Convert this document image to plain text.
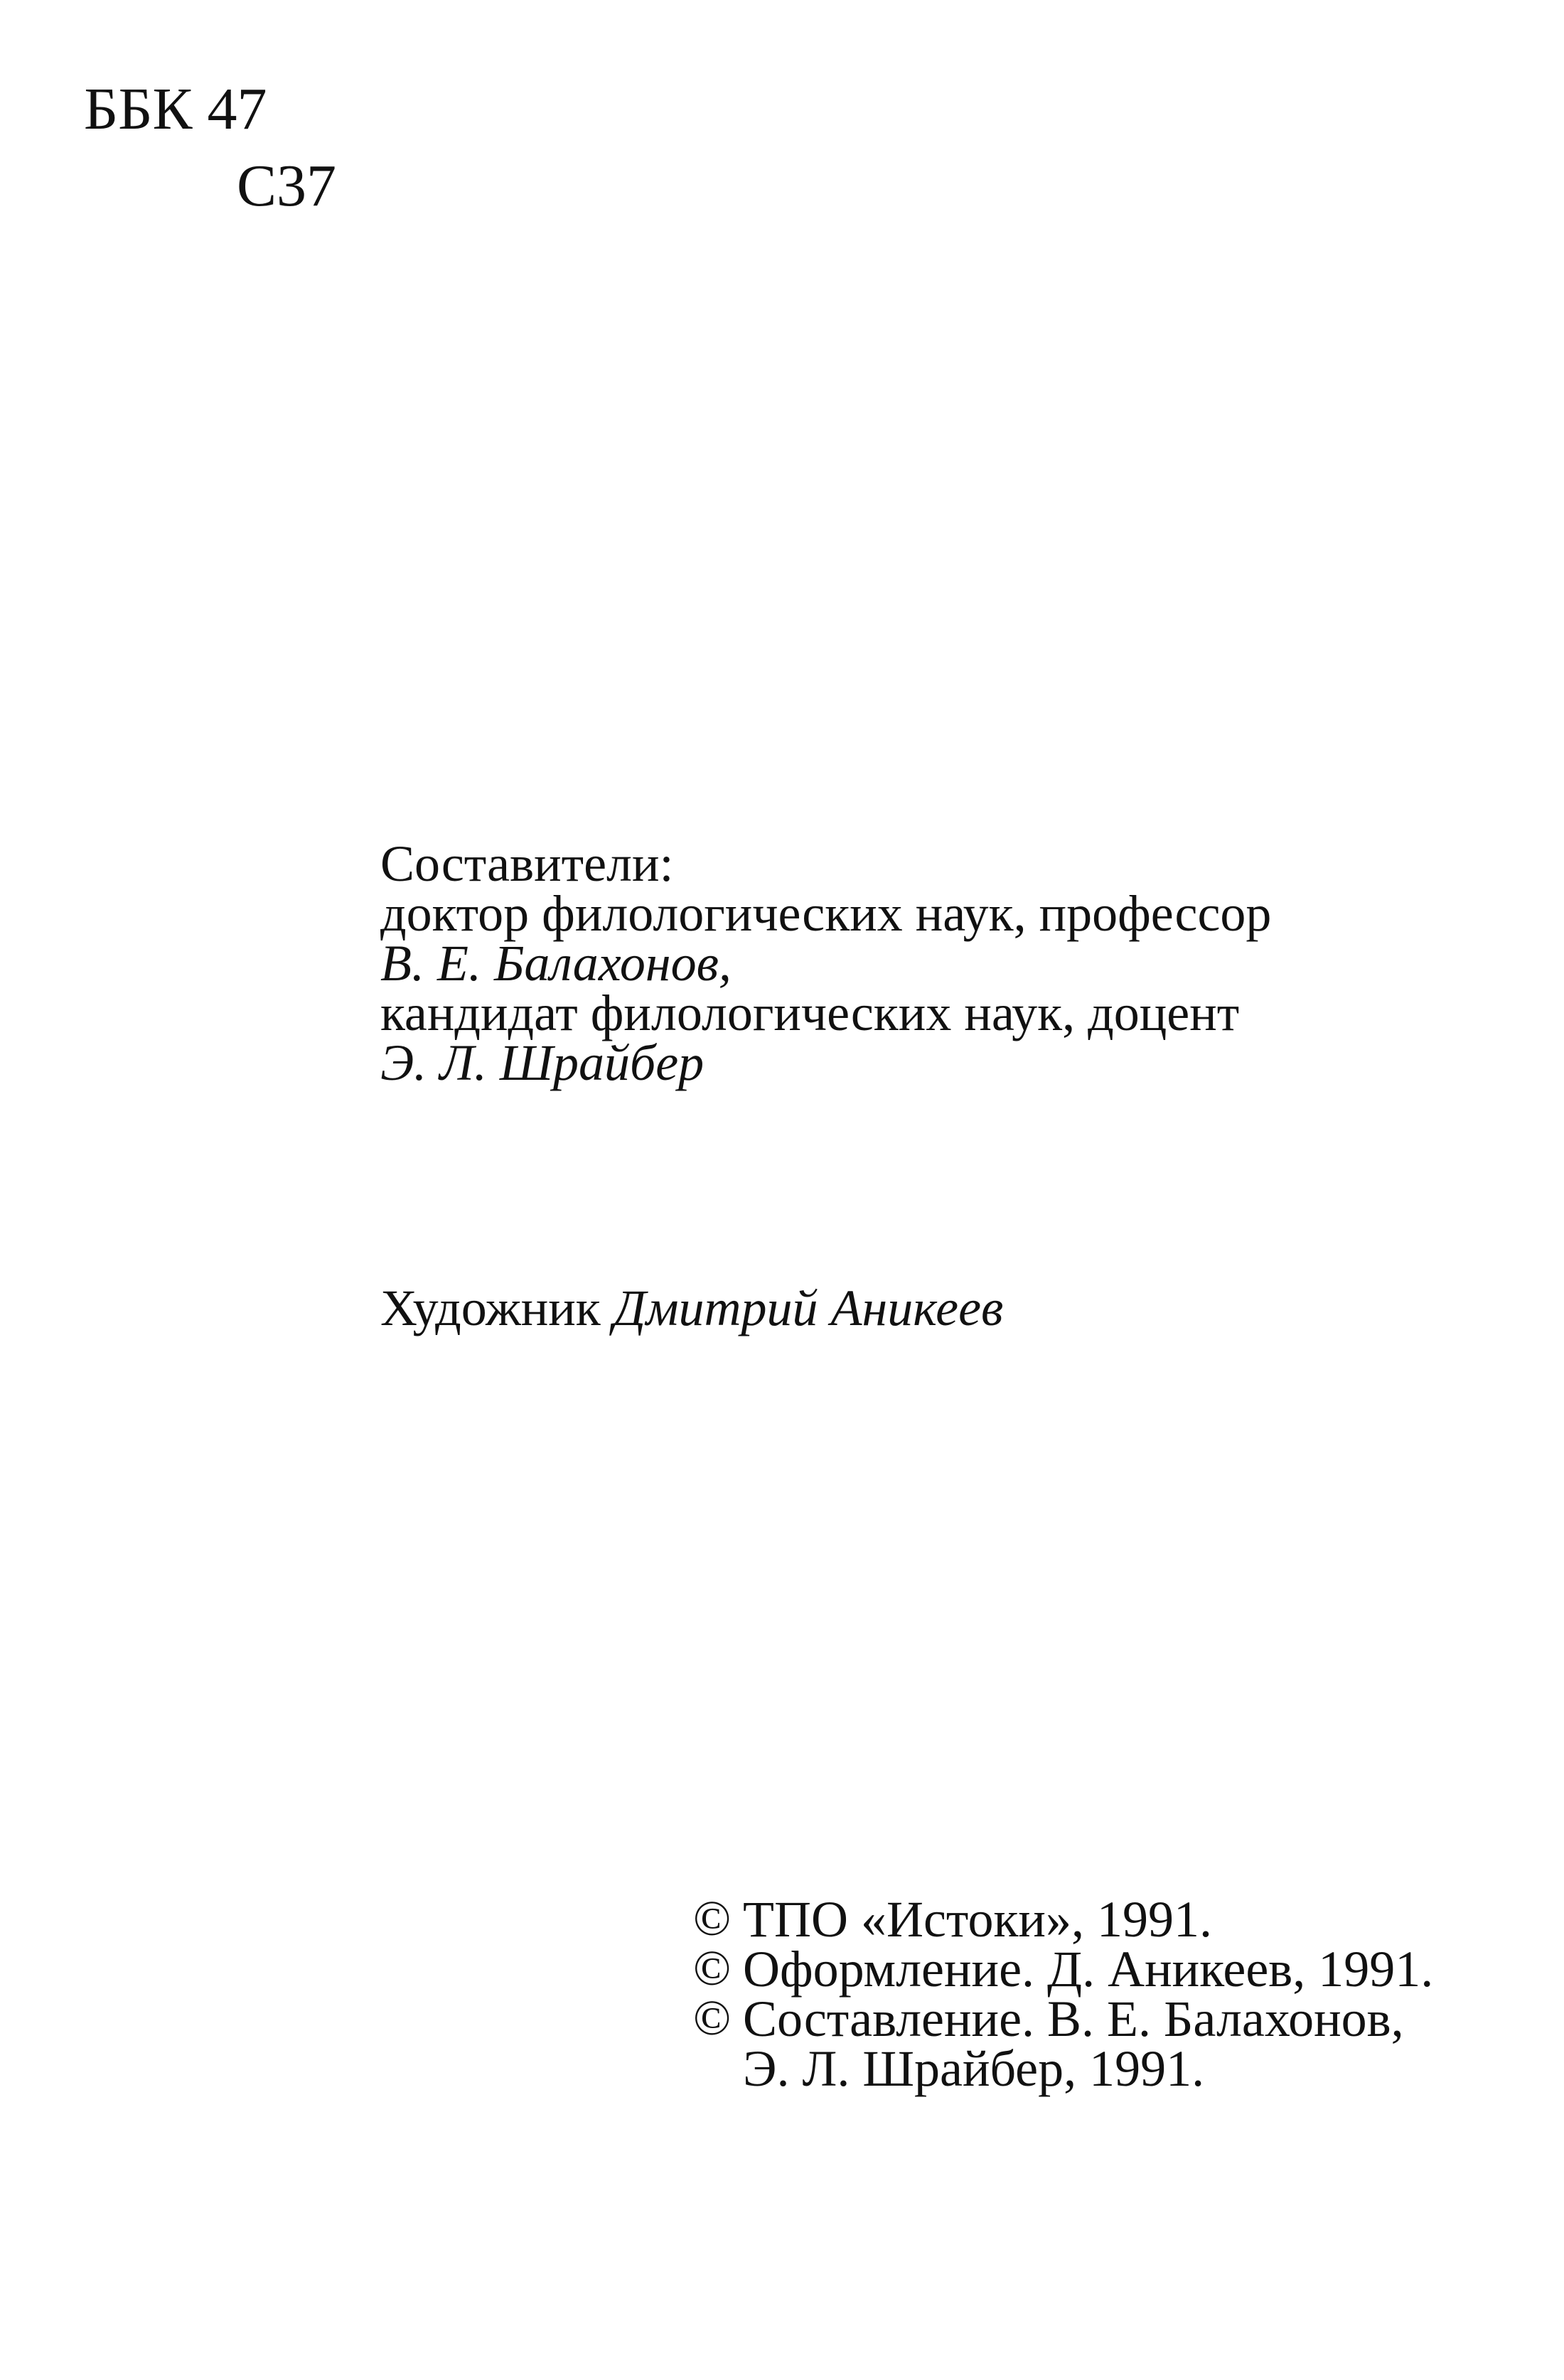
ББК 47
С37
Составители:
доктор филологических наук, профессор
В. Е. Балахонов,
кандидат филологических наук, доцент
Э. Л. Шрайбер
Художник Дмитрий Аникеев
© ТПО «Истоки», 1991.
© Оформление. Д. Аникеев, 1991.
© Составление. В. Е. Балахонов,
Э. Л. Шрайбер, 1991.
